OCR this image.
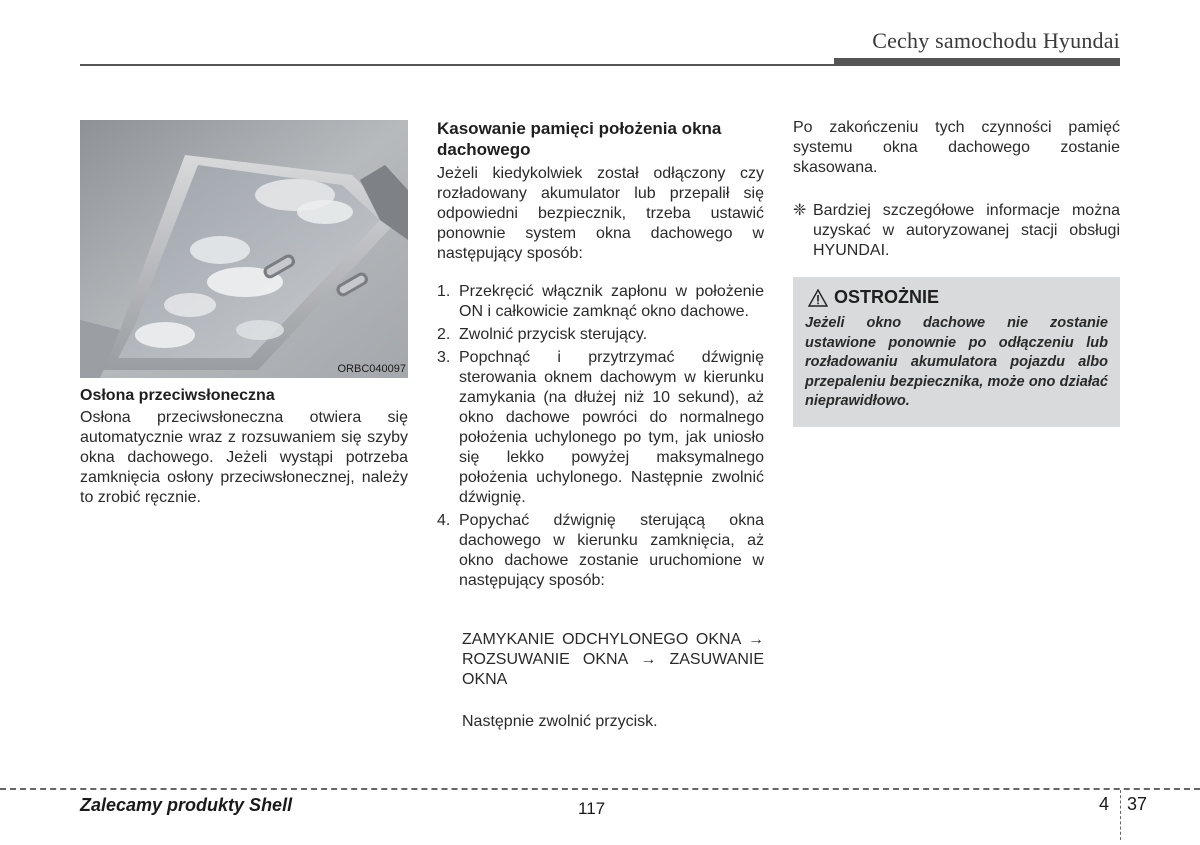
Cechy samochodu Hyundai
ORBC040097
Osłona przeciwsłoneczna

Osłona przeciwsłoneczna otwiera się automatycznie wraz z rozsuwaniem się szyby okna dachowego. Jeżeli wystąpi potrzeba zamknięcia osłony przeciwsłonecznej, należy to zrobić ręcznie.

Kasowanie pamięci położenia okna dachowego

Jeżeli kiedykolwiek został odłączony czy rozładowany akumulator lub przepalił się odpowiedni bezpiecznik, trzeba ustawić ponownie system okna dachowego w następujący sposób:

1. Przekręcić włącznik zapłonu w położenie ON i całkowicie zamknąć okno dachowe.
2. Zwolnić przycisk sterujący.
3. Popchnąć i przytrzymać dźwignię sterowania oknem dachowym w kierunku zamykania (na dłużej niż 10 sekund), aż okno dachowe powróci do normalnego położenia uchylonego po tym, jak uniosło się lekko powyżej maksymalnego położenia uchylonego. Następnie zwolnić dźwignię.
4. Popychać dźwignię sterującą okna dachowego w kierunku zamknięcia, aż okno dachowe zostanie uruchomione w następujący sposób:

ZAMYKANIE ODCHYLONEGO OKNA → ROZSUWANIE OKNA → ZASUWANIE OKNA

Następnie zwolnić przycisk.

Po zakończeniu tych czynności pamięć systemu okna dachowego zostanie skasowana.

❈ Bardziej szczegółowe informacje można uzyskać w autoryzowanej stacji obsługi HYUNDAI.

OSTROŻNIE

Jeżeli okno dachowe nie zostanie ustawione ponownie po odłączeniu lub rozładowaniu akumulatora pojazdu albo przepaleniu bezpiecznika, może ono działać nieprawidłowo.

Zalecamy produkty Shell	117	4 37
